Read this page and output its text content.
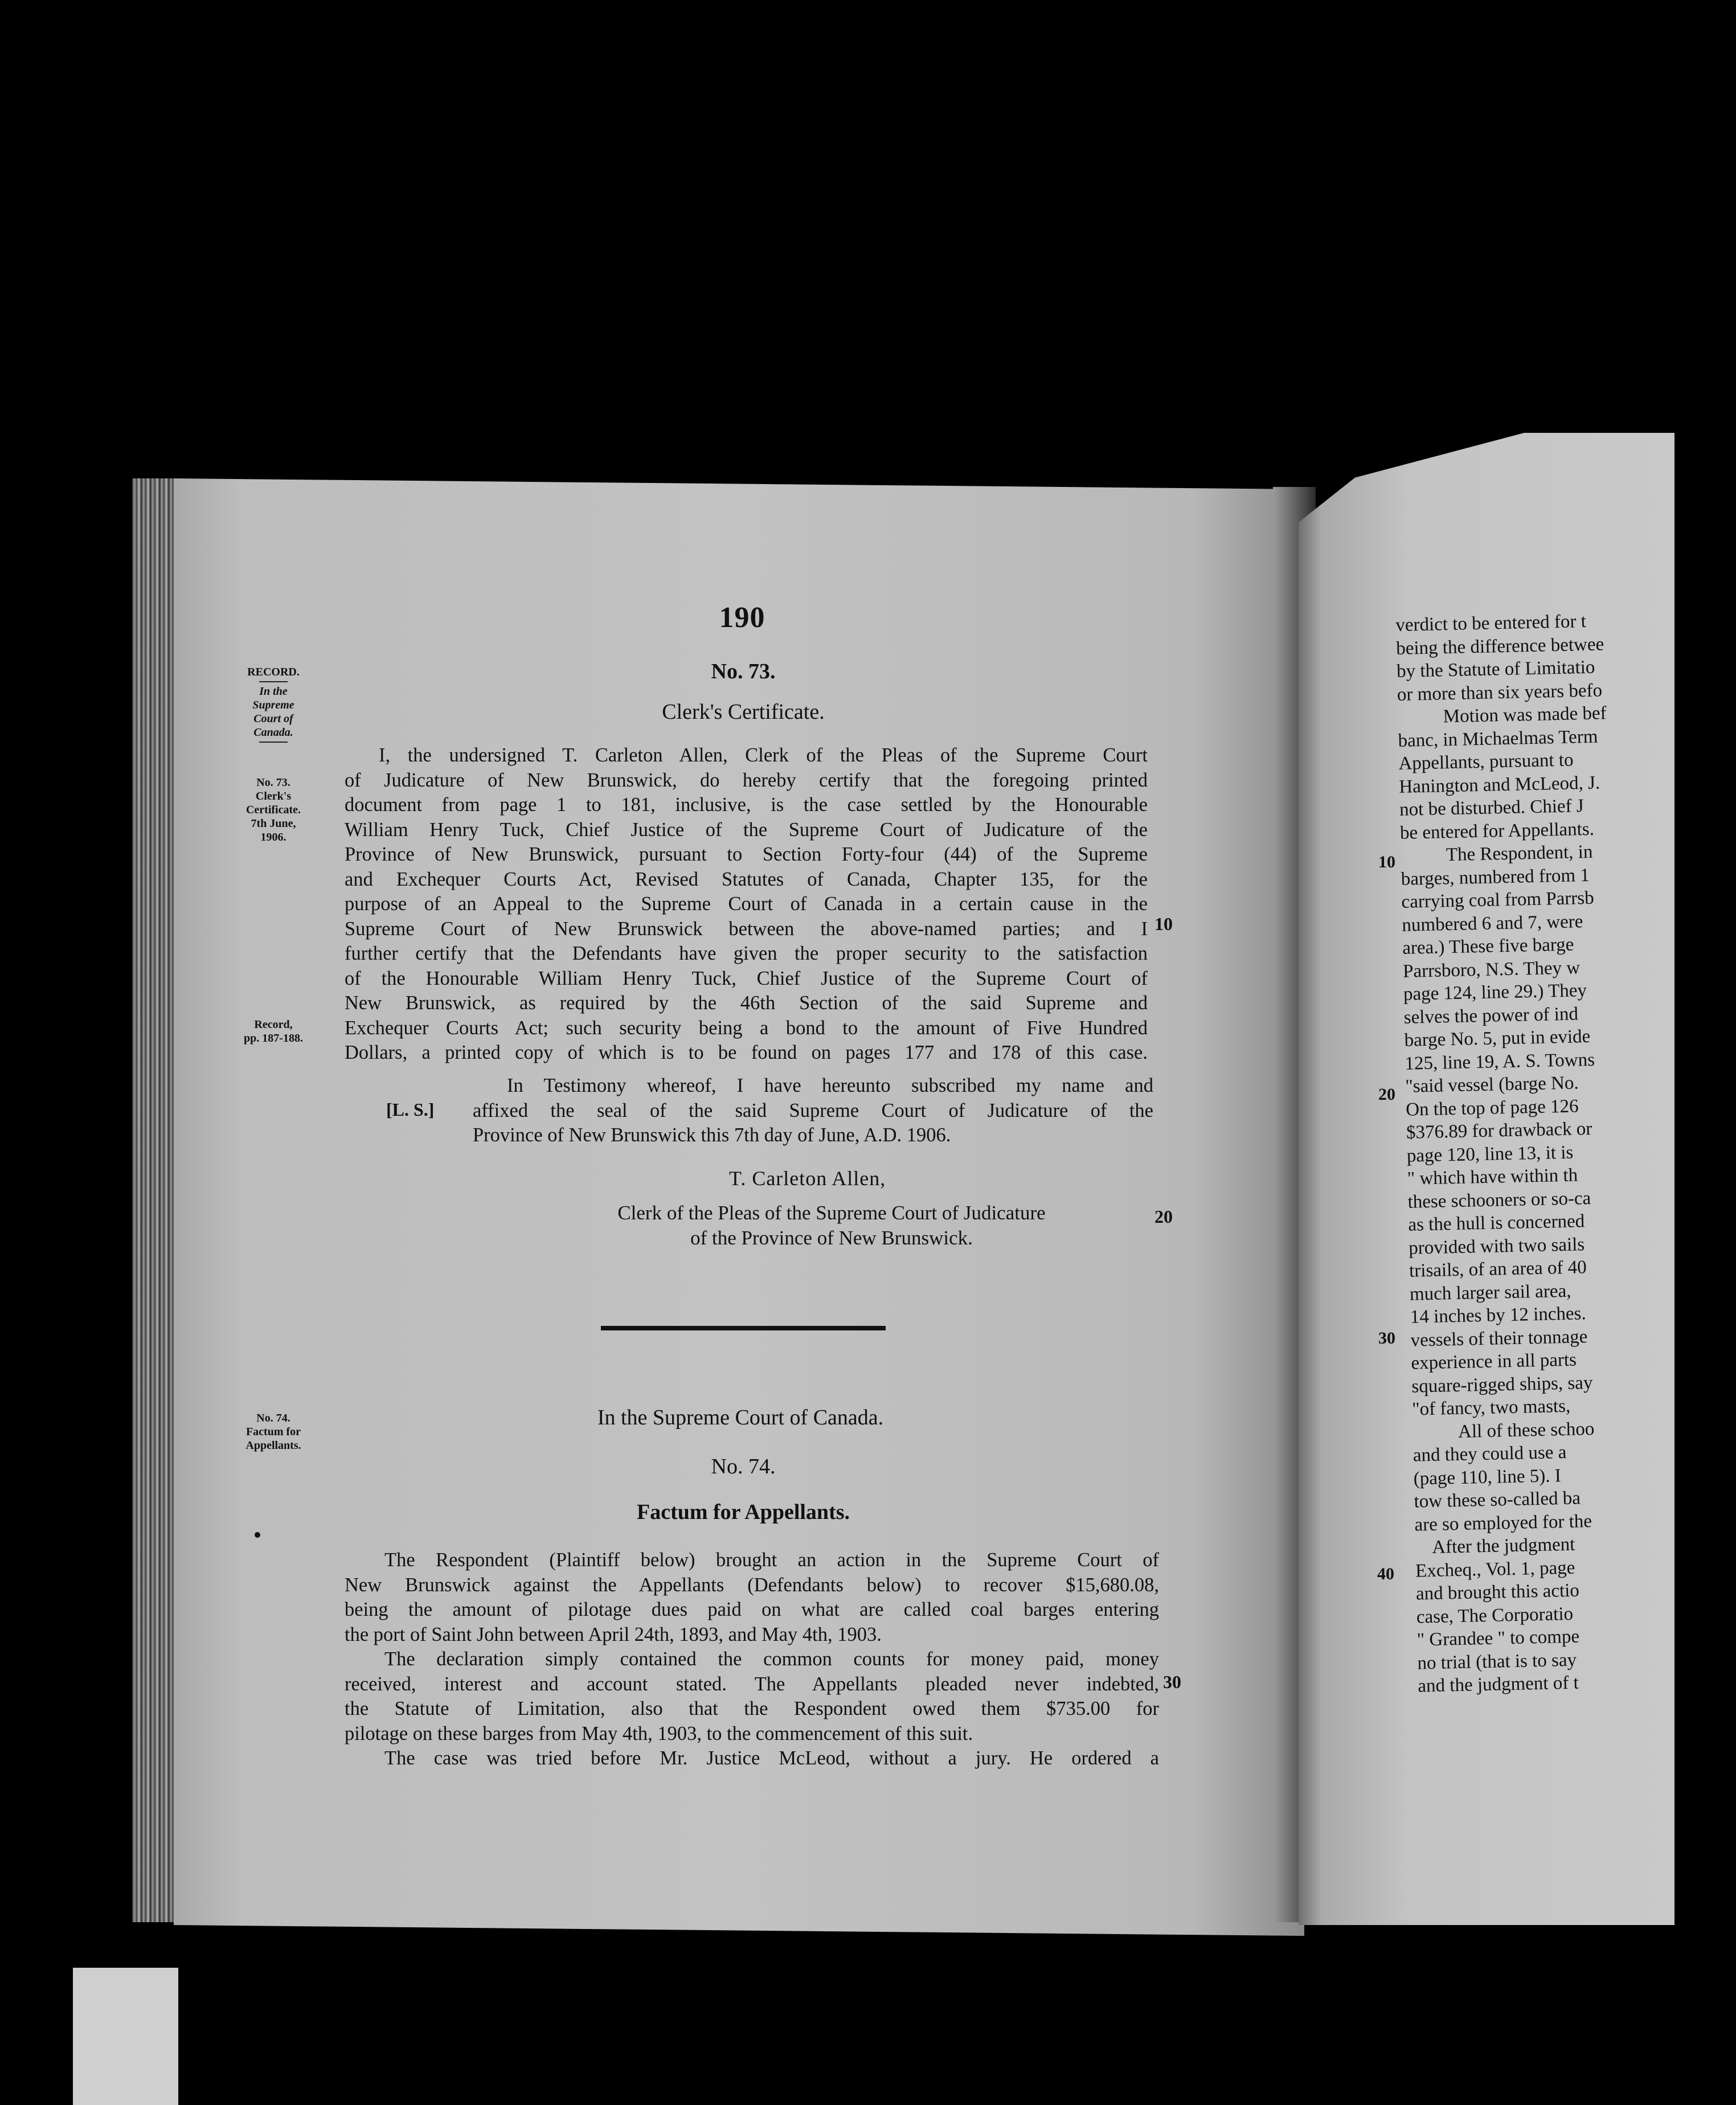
190
RECORD.
In the
Supreme
Court of
Canada.
No. 73.
Clerk's
Certificate.
7th June,
1906.
Record,
pp. 187-188.
No. 74.
Factum for
Appellants.
No. 73.
Clerk's Certificate.
I, the undersigned T. Carleton Allen, Clerk of the Pleas of the Supreme Court
of Judicature of New Brunswick, do hereby certify that the foregoing printed
document from page 1 to 181, inclusive, is the case settled by the Honourable
William Henry Tuck, Chief Justice of the Supreme Court of Judicature of the
Province of New Brunswick, pursuant to Section Forty-four (44) of the Supreme
and Exchequer Courts Act, Revised Statutes of Canada, Chapter 135, for the
purpose of an Appeal to the Supreme Court of Canada in a certain cause in the
Supreme Court of New Brunswick between the above-named parties; and I
further certify that the Defendants have given the proper security to the satisfaction
of the Honourable William Henry Tuck, Chief Justice of the Supreme Court of
New Brunswick, as required by the 46th Section of the said Supreme and
Exchequer Courts Act; such security being a bond to the amount of Five Hundred
Dollars, a printed copy of which is to be found on pages 177 and 178 of this case.
In Testimony whereof, I have hereunto subscribed my name and
affixed the seal of the said Supreme Court of Judicature of the
Province of New Brunswick this 7th day of June, A.D. 1906.
[L. S.]
T. Carleton Allen,
Clerk of the Pleas of the Supreme Court of Judicature
of the Province of New Brunswick.
10
20
30
In the Supreme Court of Canada.
No. 74.
Factum for Appellants.
The Respondent (Plaintiff below) brought an action in the Supreme Court of
New Brunswick against the Appellants (Defendants below) to recover $15,680.08,
being the amount of pilotage dues paid on what are called coal barges entering
the port of Saint John between April 24th, 1893, and May 4th, 1903.
The declaration simply contained the common counts for money paid, money
received, interest and account stated. The Appellants pleaded never indebted,
the Statute of Limitation, also that the Respondent owed them $735.00 for
pilotage on these barges from May 4th, 1903, to the commencement of this suit.
The case was tried before Mr. Justice McLeod, without a jury. He ordered a
verdict to be entered for t
being the difference betwee
by the Statute of Limitatio
or more than six years befo
Motion was made bef
banc, in Michaelmas Term
Appellants, pursuant to
Hanington and McLeod, J.
not be disturbed. Chief J
be entered for Appellants.
The Respondent, in
barges, numbered from 1
carrying coal from Parrsb
numbered 6 and 7, were
area.) These five barge
Parrsboro, N.S. They w
page 124, line 29.) They
selves the power of ind
barge No. 5, put in evide
125, line 19, A. S. Towns
"said vessel (barge No.
On the top of page 126
$376.89 for drawback or
page 120, line 13, it is
" which have within th
these schooners or so-ca
as the hull is concerned
provided with two sails
trisails, of an area of 40
much larger sail area,
14 inches by 12 inches.
vessels of their tonnage
experience in all parts
square-rigged ships, say
"of fancy, two masts,
All of these schoo
and they could use a
(page 110, line 5). I
tow these so-called ba
are so employed for the
After the judgment
Excheq., Vol. 1, page
and brought this actio
case, The Corporatio
" Grandee " to compe
no trial (that is to say
and the judgment of t
10
20
30
40
